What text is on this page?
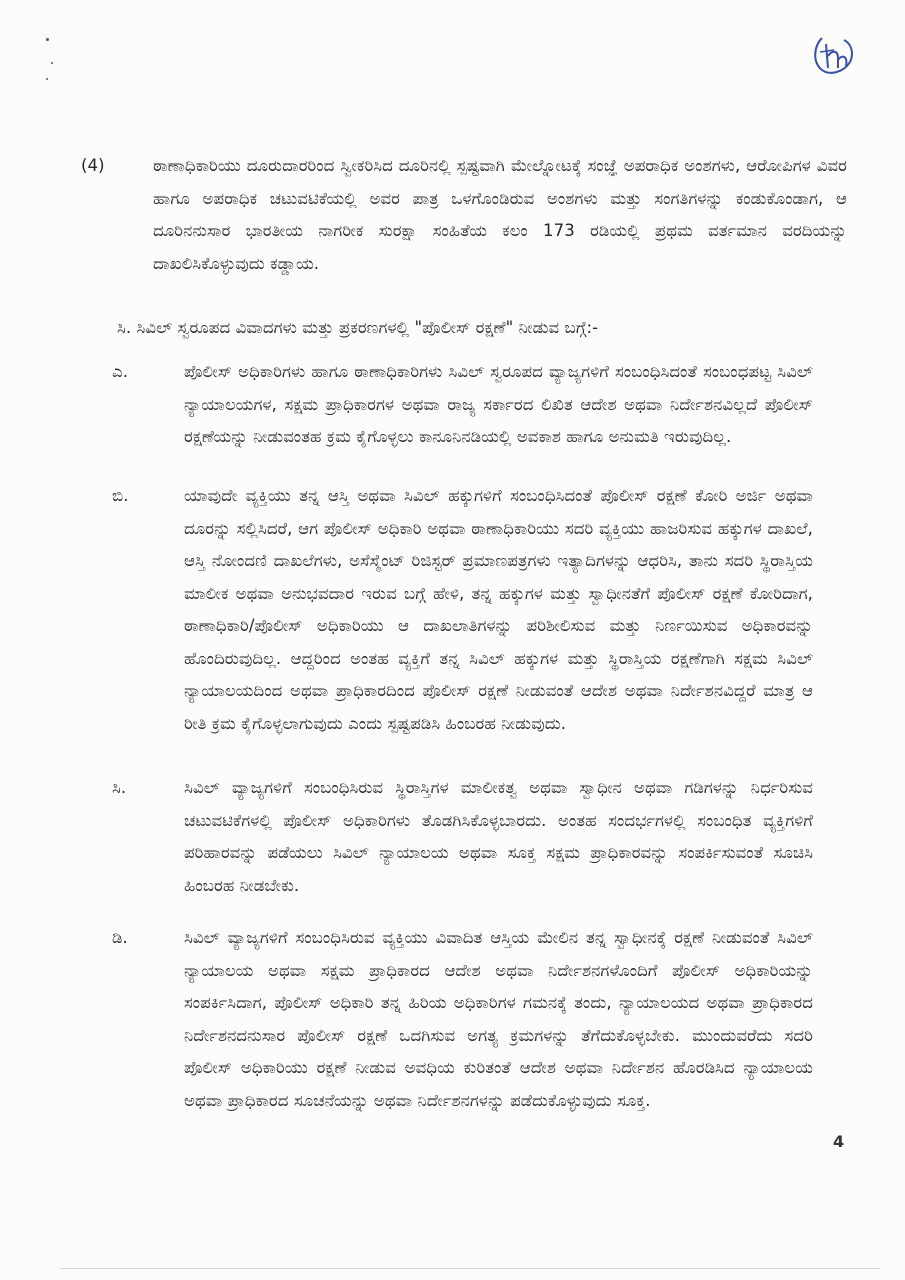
(4)	ಠಾಣಾಧಿಕಾರಿಯು ದೂರುದಾರರಿಂದ ಸ್ವೀಕರಿಸಿದ ದೂರಿನಲ್ಲಿ ಸ್ಪಷ್ಟವಾಗಿ ಮೇಲ್ನೋಟಕ್ಕೆ ಸಂಜ್ಞೆ ಅಪರಾಧಿಕ ಅಂಶಗಳು, ಆರೋಪಿಗಳ ವಿವರ ಹಾಗೂ ಅಪರಾಧಿಕ ಚಟುವಟಿಕೆಯಲ್ಲಿ ಅವರ ಪಾತ್ರ ಒಳಗೊಂಡಿರುವ ಅಂಶಗಳು ಮತ್ತು ಸಂಗತಿಗಳನ್ನು ಕಂಡುಕೊಂಡಾಗ, ಆ ದೂರಿನನುಸಾರ ಭಾರತೀಯ ನಾಗರೀಕ ಸುರಕ್ಷಾ ಸಂಹಿತೆಯ ಕಲಂ 173 ರಡಿಯಲ್ಲಿ ಪ್ರಥಮ ವರ್ತಮಾನ ವರದಿಯನ್ನು ದಾಖಲಿಸಿಕೊಳ್ಳುವುದು ಕಡ್ಡಾಯ.

ಸಿ. ಸಿವಿಲ್ ಸ್ವರೂಪದ ವಿವಾದಗಳು ಮತ್ತು ಪ್ರಕರಣಗಳಲ್ಲಿ "ಪೊಲೀಸ್ ರಕ್ಷಣೆ" ನೀಡುವ ಬಗ್ಗೆ:-

ಎ.	ಪೊಲೀಸ್ ಅಧಿಕಾರಿಗಳು ಹಾಗೂ ಠಾಣಾಧಿಕಾರಿಗಳು ಸಿವಿಲ್ ಸ್ವರೂಪದ ವ್ಯಾಜ್ಯಗಳಿಗೆ ಸಂಬಂಧಿಸಿದಂತೆ ಸಂಬಂಧಪಟ್ಟ ಸಿವಿಲ್ ನ್ಯಾಯಾಲಯಗಳ, ಸಕ್ಷಮ ಪ್ರಾಧಿಕಾರಗಳ ಅಥವಾ ರಾಜ್ಯ ಸರ್ಕಾರದ ಲಿಖಿತ ಆದೇಶ ಅಥವಾ ನಿರ್ದೇಶನವಿಲ್ಲದೆ ಪೊಲೀಸ್ ರಕ್ಷಣೆಯನ್ನು ನೀಡುವಂತಹ ಕ್ರಮ ಕೈಗೊಳ್ಳಲು ಕಾನೂನಿನಡಿಯಲ್ಲಿ ಅವಕಾಶ ಹಾಗೂ ಅನುಮತಿ ಇರುವುದಿಲ್ಲ.

ಬಿ.	ಯಾವುದೇ ವ್ಯಕ್ತಿಯು ತನ್ನ ಆಸ್ತಿ ಅಥವಾ ಸಿವಿಲ್ ಹಕ್ಕುಗಳಿಗೆ ಸಂಬಂಧಿಸಿದಂತೆ ಪೊಲೀಸ್ ರಕ್ಷಣೆ ಕೋರಿ ಅರ್ಜಿ ಅಥವಾ ದೂರನ್ನು ಸಲ್ಲಿಸಿದರೆ, ಆಗ ಪೊಲೀಸ್ ಅಧಿಕಾರಿ ಅಥವಾ ಠಾಣಾಧಿಕಾರಿಯು ಸದರಿ ವ್ಯಕ್ತಿಯು ಹಾಜರಿಸುವ ಹಕ್ಕುಗಳ ದಾಖಲೆ, ಆಸ್ತಿ ನೋಂದಣಿ ದಾಖಲೆಗಳು, ಅಸೆಸ್ಮೆಂಟ್ ರಿಜಿಸ್ಟರ್ ಪ್ರಮಾಣಪತ್ರಗಳು ಇತ್ಯಾದಿಗಳನ್ನು ಆಧರಿಸಿ, ತಾನು ಸದರಿ ಸ್ಥಿರಾಸ್ತಿಯ ಮಾಲೀಕ ಅಥವಾ ಅನುಭವದಾರ ಇರುವ ಬಗ್ಗೆ ಹೇಳಿ, ತನ್ನ ಹಕ್ಕುಗಳ ಮತ್ತು ಸ್ವಾಧೀನತೆಗೆ ಪೊಲೀಸ್ ರಕ್ಷಣೆ ಕೋರಿದಾಗ, ಠಾಣಾಧಿಕಾರಿ/ಪೊಲೀಸ್ ಅಧಿಕಾರಿಯು ಆ ದಾಖಲಾತಿಗಳನ್ನು ಪರಿಶೀಲಿಸುವ ಮತ್ತು ನಿರ್ಣಯಿಸುವ ಅಧಿಕಾರವನ್ನು ಹೊಂದಿರುವುದಿಲ್ಲ. ಆದ್ದರಿಂದ ಅಂತಹ ವ್ಯಕ್ತಿಗೆ ತನ್ನ ಸಿವಿಲ್ ಹಕ್ಕುಗಳ ಮತ್ತು ಸ್ಥಿರಾಸ್ತಿಯ ರಕ್ಷಣೆಗಾಗಿ ಸಕ್ಷಮ ಸಿವಿಲ್ ನ್ಯಾಯಾಲಯದಿಂದ ಅಥವಾ ಪ್ರಾಧಿಕಾರದಿಂದ ಪೊಲೀಸ್ ರಕ್ಷಣೆ ನೀಡುವಂತೆ ಆದೇಶ ಅಥವಾ ನಿರ್ದೇಶನವಿದ್ದರೆ ಮಾತ್ರ ಆ ರೀತಿ ಕ್ರಮ ಕೈಗೊಳ್ಳಲಾಗುವುದು ಎಂದು ಸ್ಪಷ್ಟಪಡಿಸಿ ಹಿಂಬರಹ ನೀಡುವುದು.

ಸಿ.	ಸಿವಿಲ್ ವ್ಯಾಜ್ಯಗಳಿಗೆ ಸಂಬಂಧಿಸಿರುವ ಸ್ಥಿರಾಸ್ತಿಗಳ ಮಾಲೀಕತ್ವ ಅಥವಾ ಸ್ವಾಧೀನ ಅಥವಾ ಗಡಿಗಳನ್ನು ನಿರ್ಧರಿಸುವ ಚಟುವಟಿಕೆಗಳಲ್ಲಿ ಪೊಲೀಸ್ ಅಧಿಕಾರಿಗಳು ತೊಡಗಿಸಿಕೊಳ್ಳಬಾರದು. ಅಂತಹ ಸಂದರ್ಭಗಳಲ್ಲಿ ಸಂಬಂಧಿತ ವ್ಯಕ್ತಿಗಳಿಗೆ ಪರಿಹಾರವನ್ನು ಪಡೆಯಲು ಸಿವಿಲ್ ನ್ಯಾಯಾಲಯ ಅಥವಾ ಸೂಕ್ತ ಸಕ್ಷಮ ಪ್ರಾಧಿಕಾರವನ್ನು ಸಂಪರ್ಕಿಸುವಂತೆ ಸೂಚಿಸಿ ಹಿಂಬರಹ ನೀಡಬೇಕು.

ಡಿ.	ಸಿವಿಲ್ ವ್ಯಾಜ್ಯಗಳಿಗೆ ಸಂಬಂಧಿಸಿರುವ ವ್ಯಕ್ತಿಯು ವಿವಾದಿತ ಆಸ್ತಿಯ ಮೇಲಿನ ತನ್ನ ಸ್ವಾಧೀನಕ್ಕೆ ರಕ್ಷಣೆ ನೀಡುವಂತೆ ಸಿವಿಲ್ ನ್ಯಾಯಾಲಯ ಅಥವಾ ಸಕ್ಷಮ ಪ್ರಾಧಿಕಾರದ ಆದೇಶ ಅಥವಾ ನಿರ್ದೇಶನಗಳೊಂದಿಗೆ ಪೊಲೀಸ್ ಅಧಿಕಾರಿಯನ್ನು ಸಂಪರ್ಕಿಸಿದಾಗ, ಪೊಲೀಸ್ ಅಧಿಕಾರಿ ತನ್ನ ಹಿರಿಯ ಅಧಿಕಾರಿಗಳ ಗಮನಕ್ಕೆ ತಂದು, ನ್ಯಾಯಾಲಯದ ಅಥವಾ ಪ್ರಾಧಿಕಾರದ ನಿರ್ದೇಶನದನುಸಾರ ಪೊಲೀಸ್ ರಕ್ಷಣೆ ಒದಗಿಸುವ ಅಗತ್ಯ ಕ್ರಮಗಳನ್ನು ತೆಗೆದುಕೊಳ್ಳಬೇಕು. ಮುಂದುವರೆದು ಸದರಿ ಪೊಲೀಸ್ ಅಧಿಕಾರಿಯು ರಕ್ಷಣೆ ನೀಡುವ ಅವಧಿಯ ಕುರಿತಂತೆ ಆದೇಶ ಅಥವಾ ನಿರ್ದೇಶನ ಹೊರಡಿಸಿದ ನ್ಯಾಯಾಲಯ ಅಥವಾ ಪ್ರಾಧಿಕಾರದ ಸೂಚನೆಯನ್ನು ಅಥವಾ ನಿರ್ದೇಶನಗಳನ್ನು ಪಡೆದುಕೊಳ್ಳುವುದು ಸೂಕ್ತ.

4
